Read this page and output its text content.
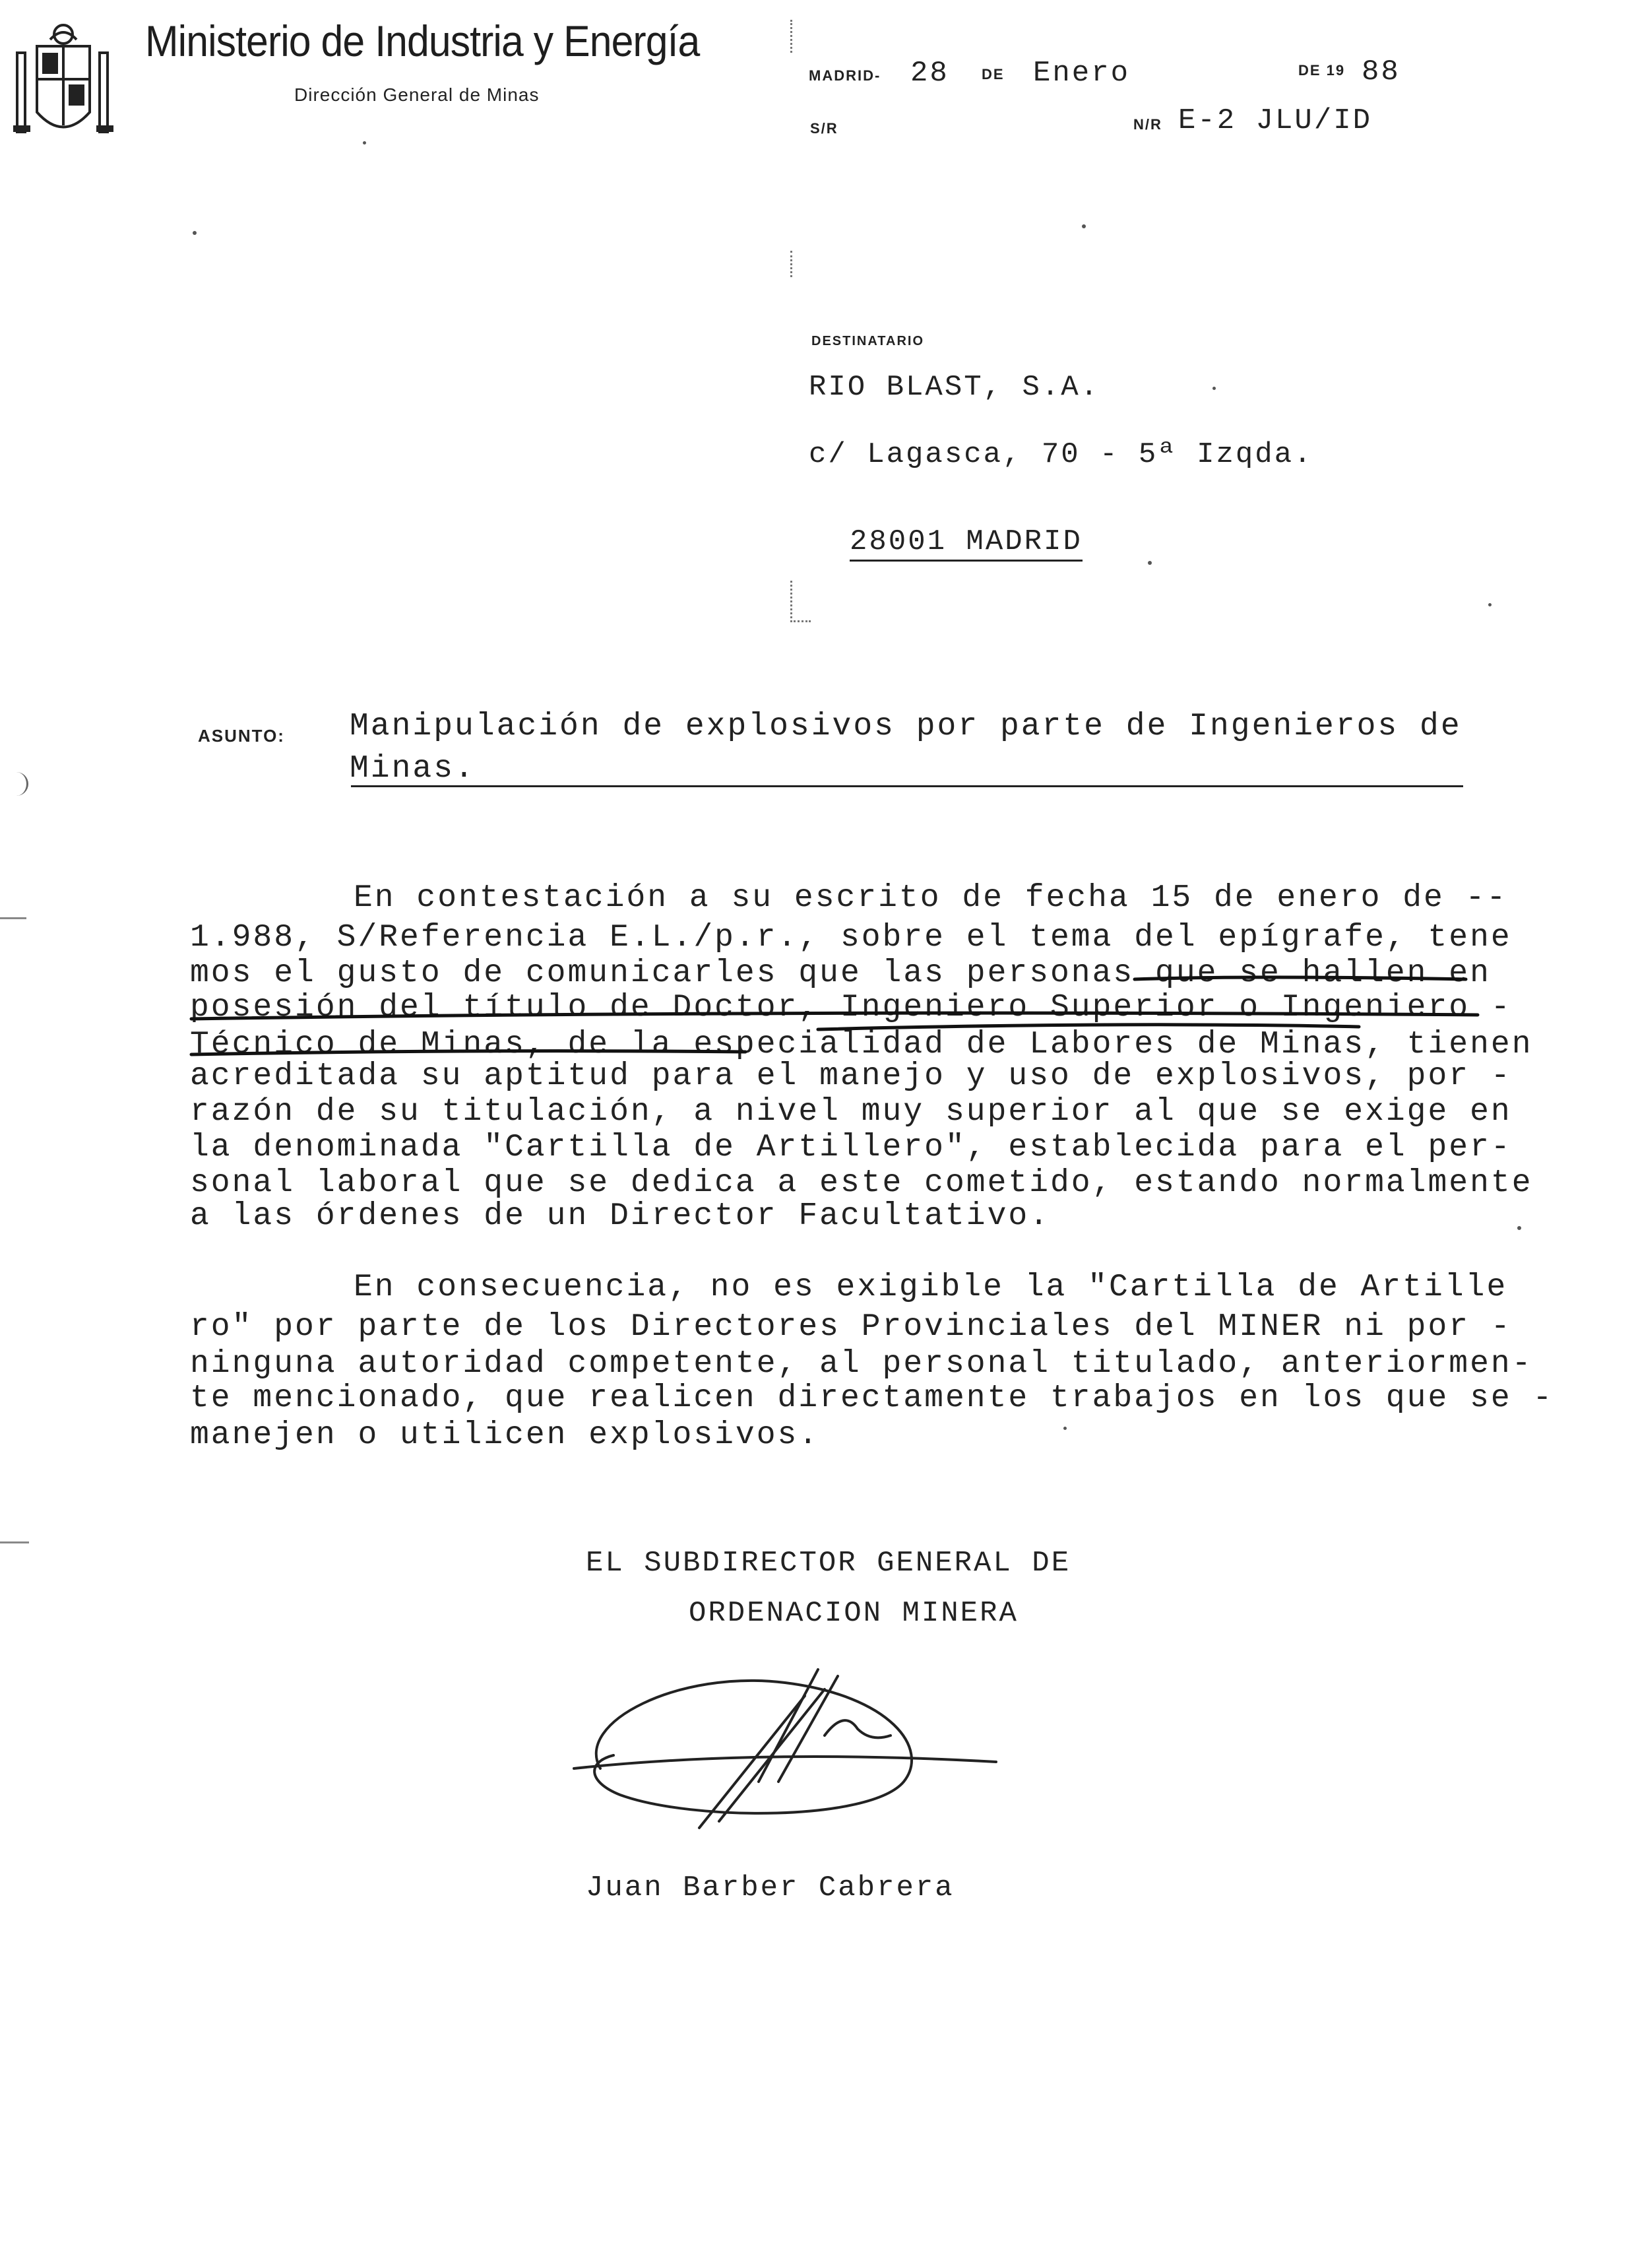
Ministerio de Industria y Energía
Dirección General de Minas
MADRID- 28 DE Enero	DE 19 88
S/R	N/R E-2 JLU/ID
DESTINATARIO
RIO BLAST, S.A.
c/ Lagasca, 70 - 5ª Izqda.
28001 MADRID
ASUNTO: Manipulación de explosivos por parte de Ingenieros de
Minas.
En contestación a su escrito de fecha 15 de enero de --
1.988, S/Referencia E.L./p.r., sobre el tema del epígrafe, tene
mos el gusto de comunicarles que las personas que se hallen en
posesión del título de Doctor, Ingeniero Superior o Ingeniero -
Técnico de Minas, de la especialidad de Labores de Minas, tienen
acreditada su aptitud para el manejo y uso de explosivos, por -
razón de su titulación, a nivel muy superior al que se exige en
la denominada "Cartilla de Artillero", establecida para el per-
sonal laboral que se dedica a este cometido, estando normalmente
a las órdenes de un Director Facultativo.
En consecuencia, no es exigible la "Cartilla de Artille
ro" por parte de los Directores Provinciales del MINER ni por -
ninguna autoridad competente, al personal titulado, anteriormen-
te mencionado, que realicen directamente trabajos en los que se -
manejen o utilicen explosivos.
EL SUBDIRECTOR GENERAL DE
ORDENACION MINERA
Juan Barber Cabrera
